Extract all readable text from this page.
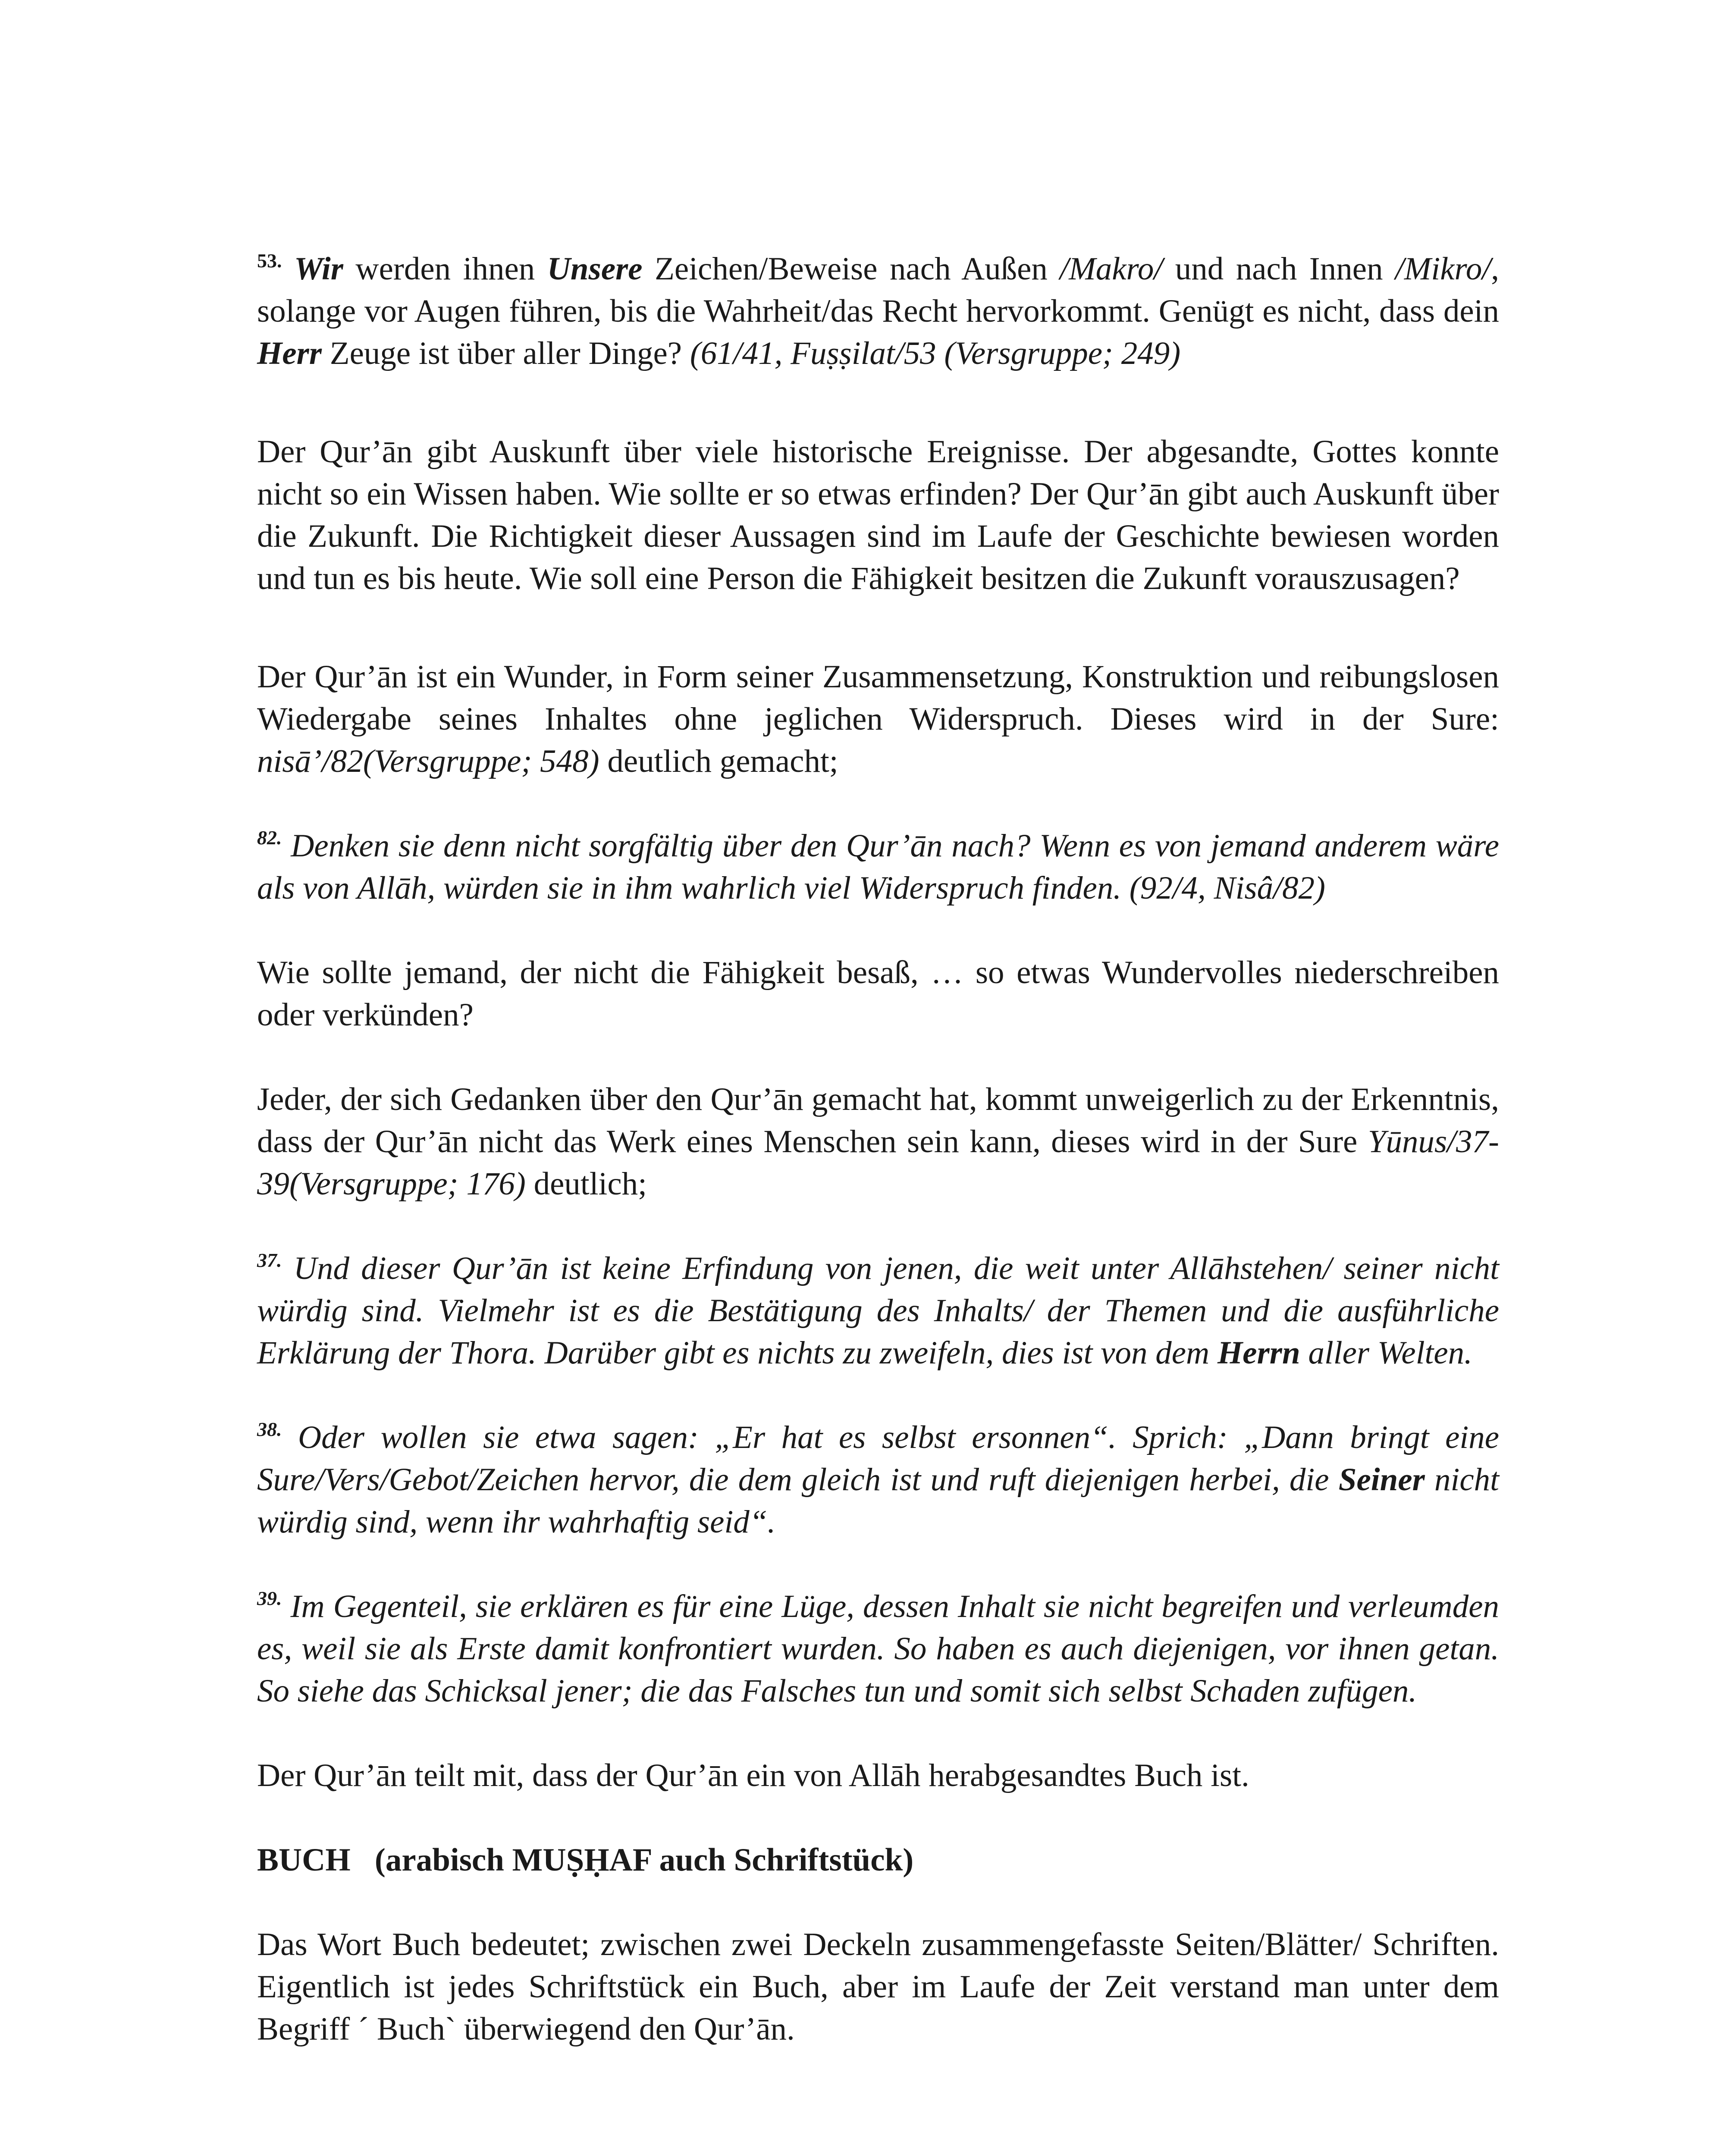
$^{53.}$ Wir werden ihnen Unsere Zeichen/Beweise nach Außen /Makro/ und nach Innen /Mikro/, solange vor Augen führen, bis die Wahrheit/das Recht hervorkommt. Genügt es nicht, dass dein Herr Zeuge ist über aller Dinge? (61/41, Fuṣṣilat/53 (Versgruppe; 249)

Der Qur’ān gibt Auskunft über viele historische Ereignisse. Der abgesandte, Gottes konnte nicht so ein Wissen haben. Wie sollte er so etwas erfinden? Der Qur’ān gibt auch Auskunft über die Zukunft. Die Richtigkeit dieser Aussagen sind im Laufe der Geschichte bewiesen worden und tun es bis heute. Wie soll eine Person die Fähigkeit besitzen die Zukunft vorauszusagen?

Der Qur’ān ist ein Wunder, in Form seiner Zusammensetzung, Konstruktion und reibungslosen Wiedergabe seines Inhaltes ohne jeglichen Widerspruch. Dieses wird in der Sure: nisā’/82(Versgruppe; 548) deutlich gemacht;

$^{82.}$ Denken sie denn nicht sorgfältig über den Qur’ān nach? Wenn es von jemand anderem wäre als von Allāh, würden sie in ihm wahrlich viel Widerspruch finden. (92/4, Nisâ/82)

Wie sollte jemand, der nicht die Fähigkeit besaß, … so etwas Wundervolles niederschreiben oder verkünden?

Jeder, der sich Gedanken über den Qur’ān gemacht hat, kommt unweigerlich zu der Erkenntnis, dass der Qur’ān nicht das Werk eines Menschen sein kann, dieses wird in der Sure Yūnus/37-39(Versgruppe; 176) deutlich;

$^{37.}$ Und dieser Qur’ān ist keine Erfindung von jenen, die weit unter Allāhstehen/ seiner nicht würdig sind. Vielmehr ist es die Bestätigung des Inhalts/ der Themen und die ausführliche Erklärung der Thora. Darüber gibt es nichts zu zweifeln, dies ist von dem Herrn aller Welten.

$^{38.}$ Oder wollen sie etwa sagen: „Er hat es selbst ersonnen“. Sprich: „Dann bringt eine Sure/Vers/Gebot/Zeichen hervor, die dem gleich ist und ruft diejenigen herbei, die Seiner nicht würdig sind, wenn ihr wahrhaftig seid“.

$^{39.}$ Im Gegenteil, sie erklären es für eine Lüge, dessen Inhalt sie nicht begreifen und verleumden es, weil sie als Erste damit konfrontiert wurden. So haben es auch diejenigen, vor ihnen getan. So siehe das Schicksal jener; die das Falsches tun und somit sich selbst Schaden zufügen.

Der Qur’ān teilt mit, dass der Qur’ān ein von Allāh herabgesandtes Buch ist.

BUCH   (arabisch MUṢḤAF auch Schriftstück)

Das Wort Buch bedeutet; zwischen zwei Deckeln zusammengefasste Seiten/Blätter/ Schriften. Eigentlich ist jedes Schriftstück ein Buch, aber im Laufe der Zeit verstand man unter dem Begriff ´ Buch` überwiegend den Qur’ān.
